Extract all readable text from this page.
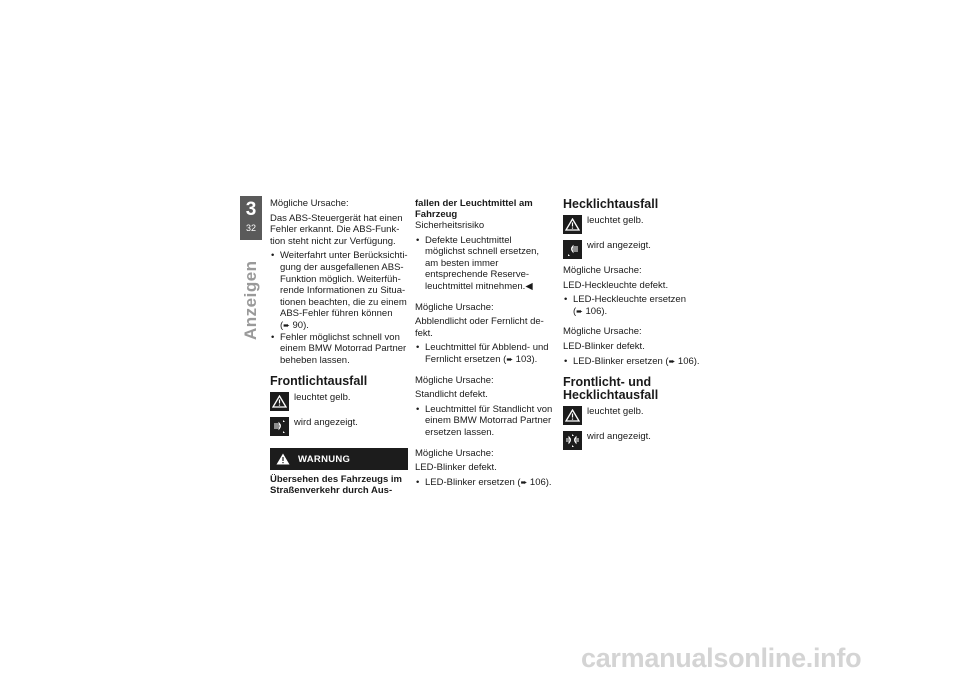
3
32
Anzeigen

Mögliche Ursache:

Das ABS-Steuergerät hat einen Fehler erkannt. Die ABS-Funk-tion steht nicht zur Verfügung.

• Weiterfahrt unter Berücksichti-gung der ausgefallenen ABS-Funktion möglich. Weiterfüh-rende Informationen zu Situa-tionen beachten, die zu einem ABS-Fehler führen können
(➨ 90).
• Fehler möglichst schnell von einem BMW Motorrad Partner beheben lassen.
Frontlichtausfall
leuchtet gelb.
wird angezeigt.
WARNUNG
Übersehen des Fahrzeugs im Straßenverkehr durch Aus-
fallen der Leuchtmittel am Fahrzeug

Sicherheitsrisiko

• Defekte Leuchtmittel möglichst schnell ersetzen, am besten immer entsprechende Reserve-leuchtmittel mitnehmen.◀

Mögliche Ursache:

Abblendlicht oder Fernlicht de-fekt.

• Leuchtmittel für Abblend- und Fernlicht ersetzen (➨ 103).

Mögliche Ursache:

Standlicht defekt.

• Leuchtmittel für Standlicht von einem BMW Motorrad Partner ersetzen lassen.

Mögliche Ursache:

LED-Blinker defekt.

• LED-Blinker ersetzen (➨ 106).
Hecklichtausfall
leuchtet gelb.
wird angezeigt.

Mögliche Ursache:

LED-Heckleuchte defekt.

• LED-Heckleuchte ersetzen
(➨ 106).

Mögliche Ursache:

LED-Blinker defekt.

• LED-Blinker ersetzen (➨ 106).
Frontlicht- und Hecklichtausfall
leuchtet gelb.
wird angezeigt.
carmanualsonline.info
